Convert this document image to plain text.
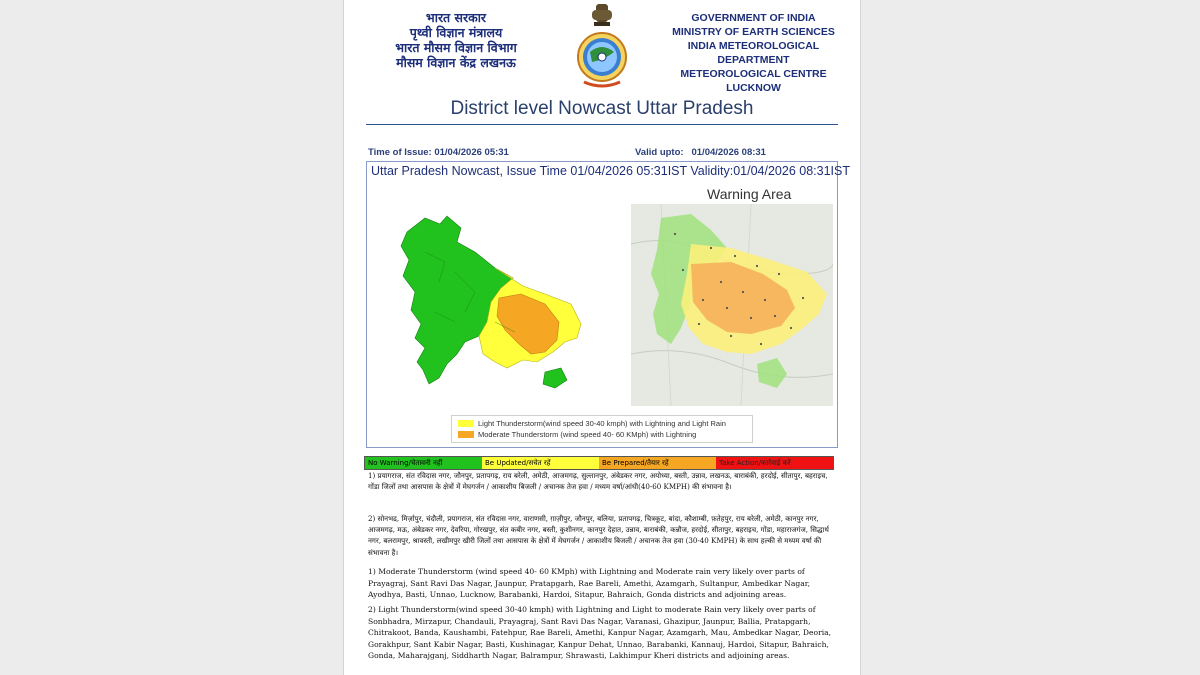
भारत सरकार
पृथ्वी विज्ञान मंत्रालय
भारत मौसम विज्ञान विभाग
मौसम विज्ञान केंद्र लखनऊ
GOVERNMENT OF INDIA
MINISTRY OF EARTH SCIENCES
INDIA METEOROLOGICAL DEPARTMENT
METEOROLOGICAL CENTRE LUCKNOW
District level Nowcast Uttar Pradesh
Time of Issue: 01/04/2026 05:31	Valid upto: 01/04/2026 08:31
Uttar Pradesh Nowcast, Issue Time 01/04/2026 05:31IST Validity:01/04/2026 08:31IST
Warning Area
Light Thunderstorm(wind speed 30-40 kmph) with Lightning and Light Rain
Moderate Thunderstorm (wind speed 40- 60 KMph) with Lightning
No Warning/चेतावनी नहीं	Be Updated/सचेत रहें	Be Prepared/तैयार रहें	Take Action/कार्रवाई करें
1) प्रयागराज, संत रविदास नगर, जौनपुर, प्रतापगढ़, राय बरेली, अमेठी, आजमगढ़, सुल्तानपुर, अंबेडकर नगर, अयोध्या, बस्ती, उन्नाव, लखनऊ, बाराबंकी, हरदोई, सीतापुर, बहराइच, गोंडा जिलों तथा आसपास के क्षेत्रों में मेघगर्जन / आकाशीय बिजली / अचानक तेज हवा / मध्यम वर्षा/आंधी(40-60 KMPH) की संभावना है।
2) सोनभद्र, मिर्ज़ापुर, चंदौली, प्रयागराज, संत रविदास नगर, वाराणसी, ग़ाज़ीपुर, जौनपुर, बलिया, प्रतापगढ़, चित्रकूट, बांदा, कौशाम्बी, फ़तेहपुर, राय बरेली, अमेठी, कानपुर नगर, आजमगढ़, मऊ, अंबेडकर नगर, देवरिया, गोरखपुर, संत कबीर नगर, बस्ती, कुशीनगर, कानपुर देहात, उन्नाव, बाराबंकी, कन्नौज, हरदोई, सीतापुर, बहराइच, गोंडा, महाराजगंज, सिद्धार्थ नगर, बलरामपुर, श्रावस्ती, लखीमपुर खीरी जिलों तथा आसपास के क्षेत्रों में मेघगर्जन / आकाशीय बिजली / अचानक तेज हवा (30-40 KMPH) के साथ हल्की से मध्यम वर्षा की संभावना है।
1) Moderate Thunderstorm (wind speed 40- 60 KMph) with Lightning and Moderate rain very likely over parts of Prayagraj, Sant Ravi Das Nagar, Jaunpur, Pratapgarh, Rae Bareli, Amethi, Azamgarh, Sultanpur, Ambedkar Nagar, Ayodhya, Basti, Unnao, Lucknow, Barabanki, Hardoi, Sitapur, Bahraich, Gonda districts and adjoining areas.
2) Light Thunderstorm(wind speed 30-40 kmph) with Lightning and Light to moderate Rain very likely over parts of Sonbhadra, Mirzapur, Chandauli, Prayagraj, Sant Ravi Das Nagar, Varanasi, Ghazipur, Jaunpur, Ballia, Pratapgarh, Chitrakoot, Banda, Kaushambi, Fatehpur, Rae Bareli, Amethi, Kanpur Nagar, Azamgarh, Mau, Ambedkar Nagar, Deoria, Gorakhpur, Sant Kabir Nagar, Basti, Kushinagar, Kanpur Dehat, Unnao, Barabanki, Kannauj, Hardoi, Sitapur, Bahraich, Gonda, Maharajganj, Siddharth Nagar, Balrampur, Shrawasti, Lakhimpur Kheri districts and adjoining areas.
